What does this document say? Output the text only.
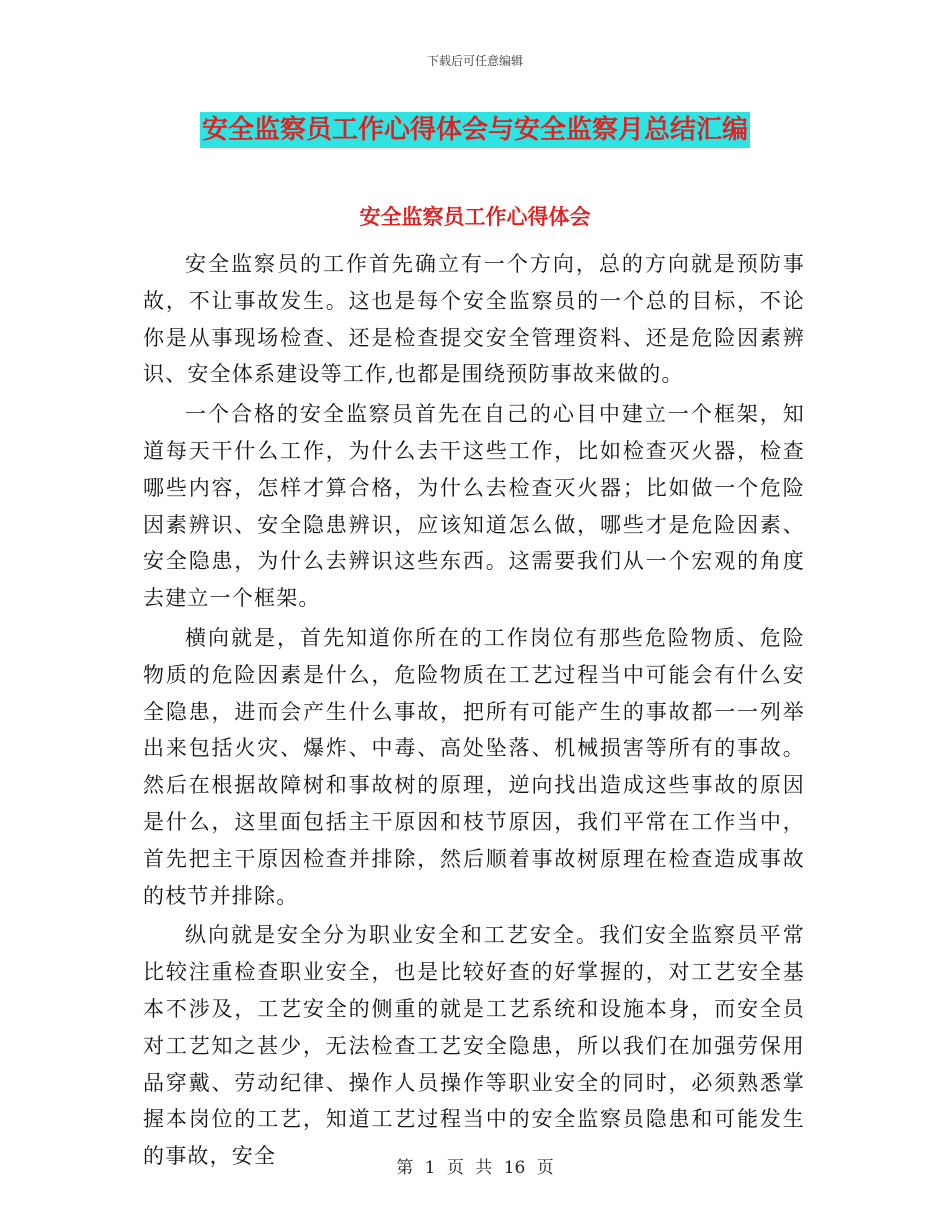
下载后可任意编辑
安全监察员工作心得体会与安全监察月总结汇编
安全监察员工作心得体会

安全监察员的工作首先确立有一个方向，总的方向就是预防事故，不让事故发生。这也是每个安全监察员的一个总的目标，不论你是从事现场检查、还是检查提交安全管理资料、还是危险因素辨识、安全体系建设等工作,也都是围绕预防事故来做的。

一个合格的安全监察员首先在自己的心目中建立一个框架，知道每天干什么工作，为什么去干这些工作，比如检查灭火器，检查哪些内容，怎样才算合格，为什么去检查灭火器；比如做一个危险因素辨识、安全隐患辨识，应该知道怎么做，哪些才是危险因素、安全隐患，为什么去辨识这些东西。这需要我们从一个宏观的角度去建立一个框架。

横向就是，首先知道你所在的工作岗位有那些危险物质、危险物质的危险因素是什么，危险物质在工艺过程当中可能会有什么安全隐患，进而会产生什么事故，把所有可能产生的事故都一一列举出来包括火灾、爆炸、中毒、高处坠落、机械损害等所有的事故。然后在根据故障树和事故树的原理，逆向找出造成这些事故的原因是什么，这里面包括主干原因和枝节原因，我们平常在工作当中，首先把主干原因检查并排除，然后顺着事故树原理在检查造成事故的枝节并排除。

纵向就是安全分为职业安全和工艺安全。我们安全监察员平常比较注重检查职业安全，也是比较好查的好掌握的，对工艺安全基本不涉及，工艺安全的侧重的就是工艺系统和设施本身，而安全员对工艺知之甚少，无法检查工艺安全隐患，所以我们在加强劳保用品穿戴、劳动纪律、操作人员操作等职业安全的同时，必须熟悉掌握本岗位的工艺，知道工艺过程当中的安全监察员隐患和可能发生的事故，安全	第 1 页 共 16 页
